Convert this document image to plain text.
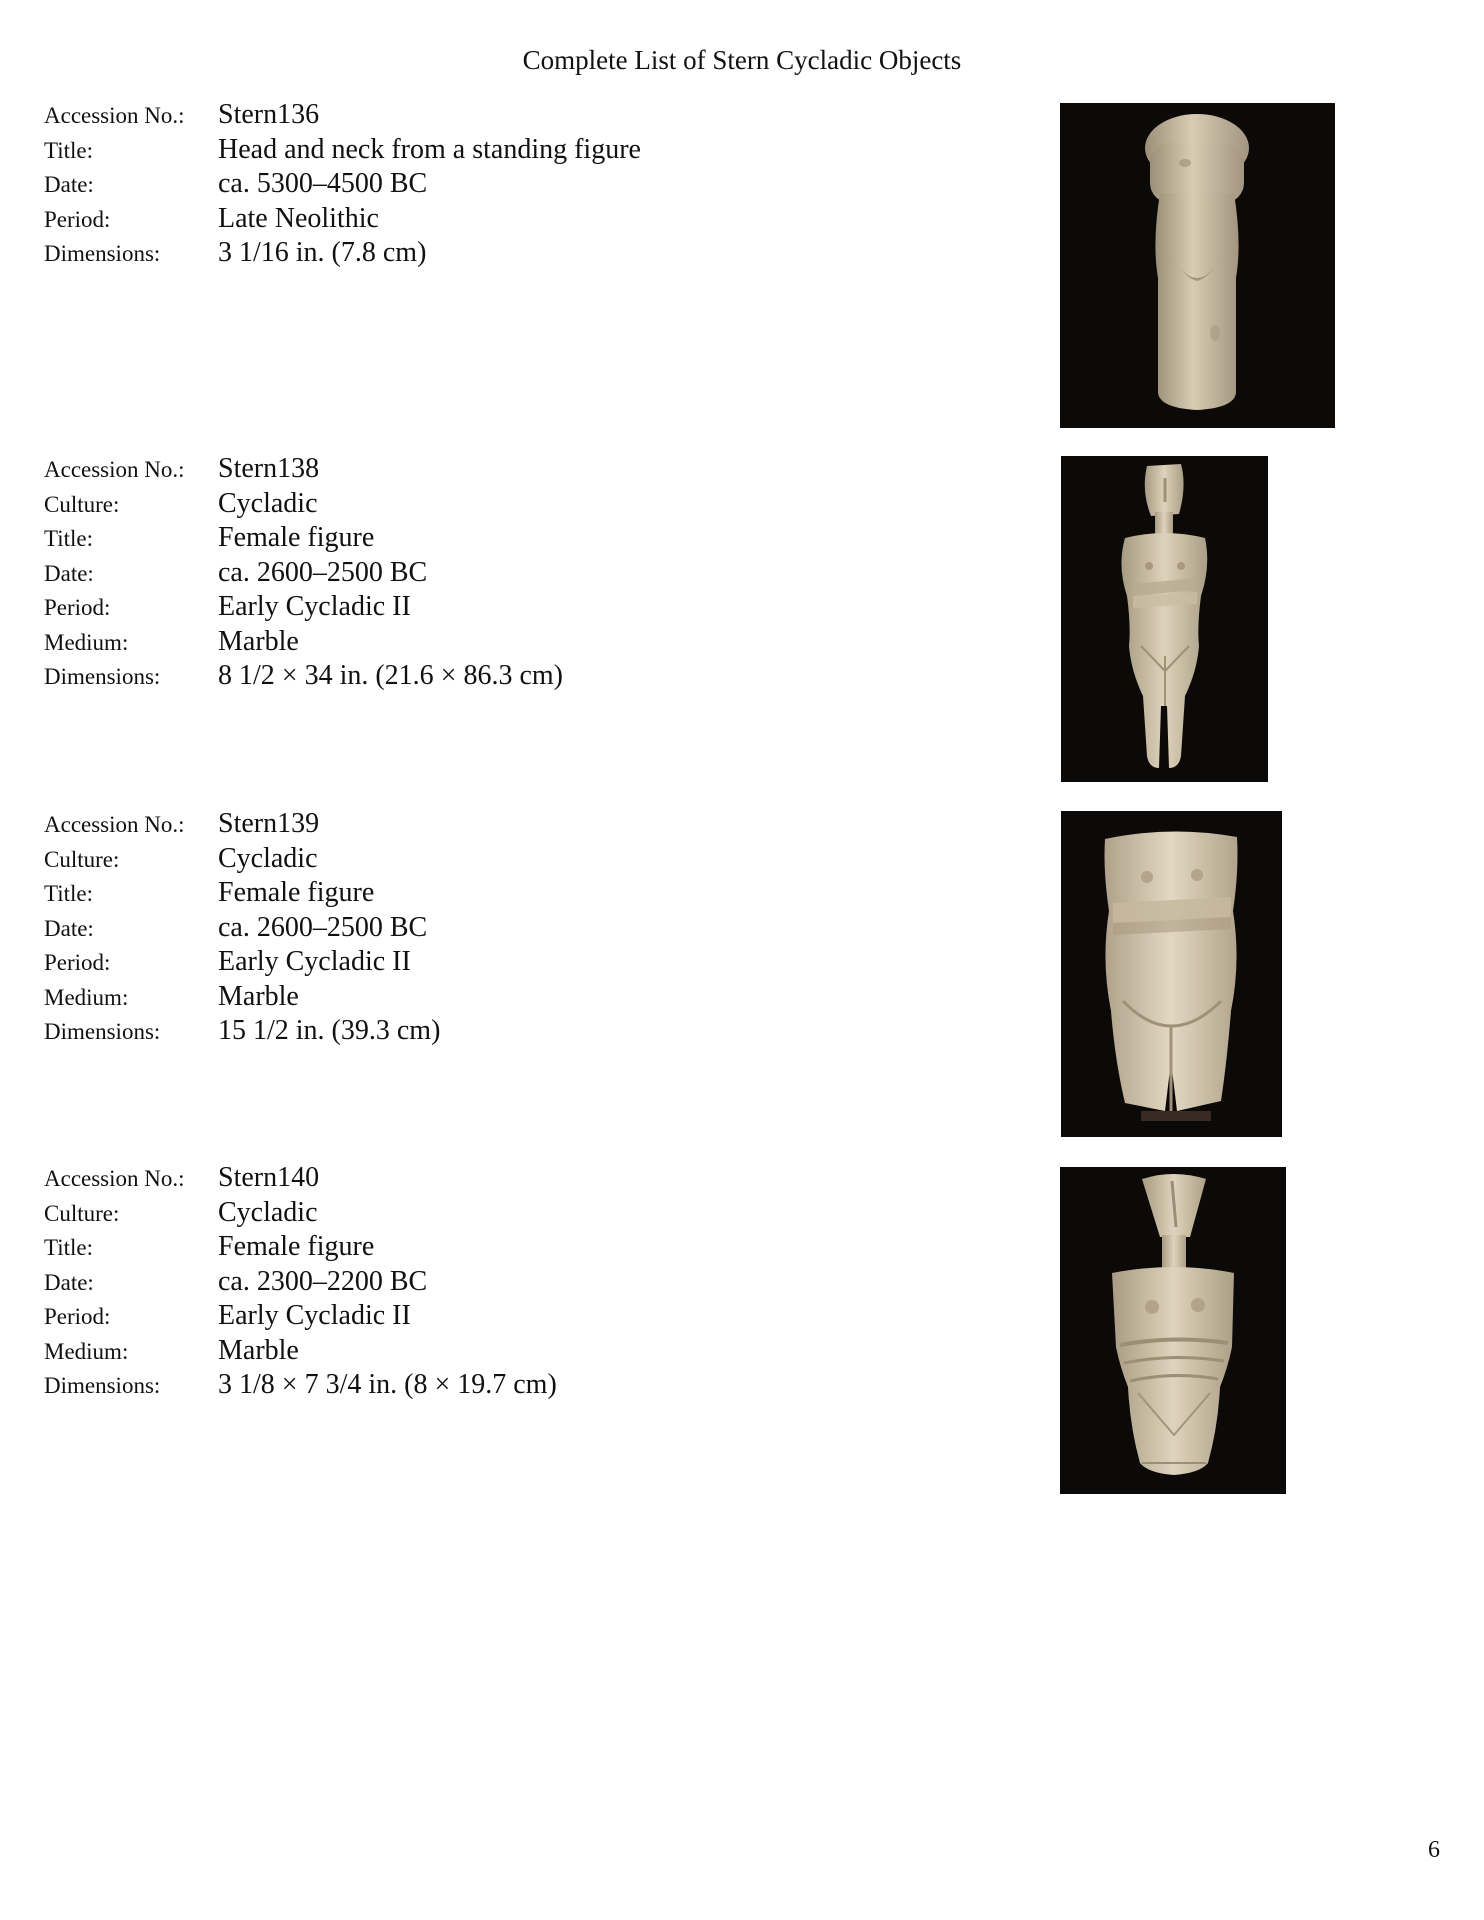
Complete List of Stern Cycladic Objects
Accession No.:	Stern136
Title:	Head and neck from a standing figure
Date:	ca. 5300–4500 BC
Period:	Late Neolithic
Dimensions:	3 1/16 in. (7.8 cm)
Accession No.:	Stern138
Culture:	Cycladic
Title:	Female figure
Date:	ca. 2600–2500 BC
Period:	Early Cycladic II
Medium:	Marble
Dimensions:	8 1/2 × 34 in. (21.6 × 86.3 cm)
Accession No.:	Stern139
Culture:	Cycladic
Title:	Female figure
Date:	ca. 2600–2500 BC
Period:	Early Cycladic II
Medium:	Marble
Dimensions:	15 1/2 in. (39.3 cm)
Accession No.:	Stern140
Culture:	Cycladic
Title:	Female figure
Date:	ca. 2300–2200 BC
Period:	Early Cycladic II
Medium:	Marble
Dimensions:	3 1/8 × 7 3/4 in. (8 × 19.7 cm)
6
